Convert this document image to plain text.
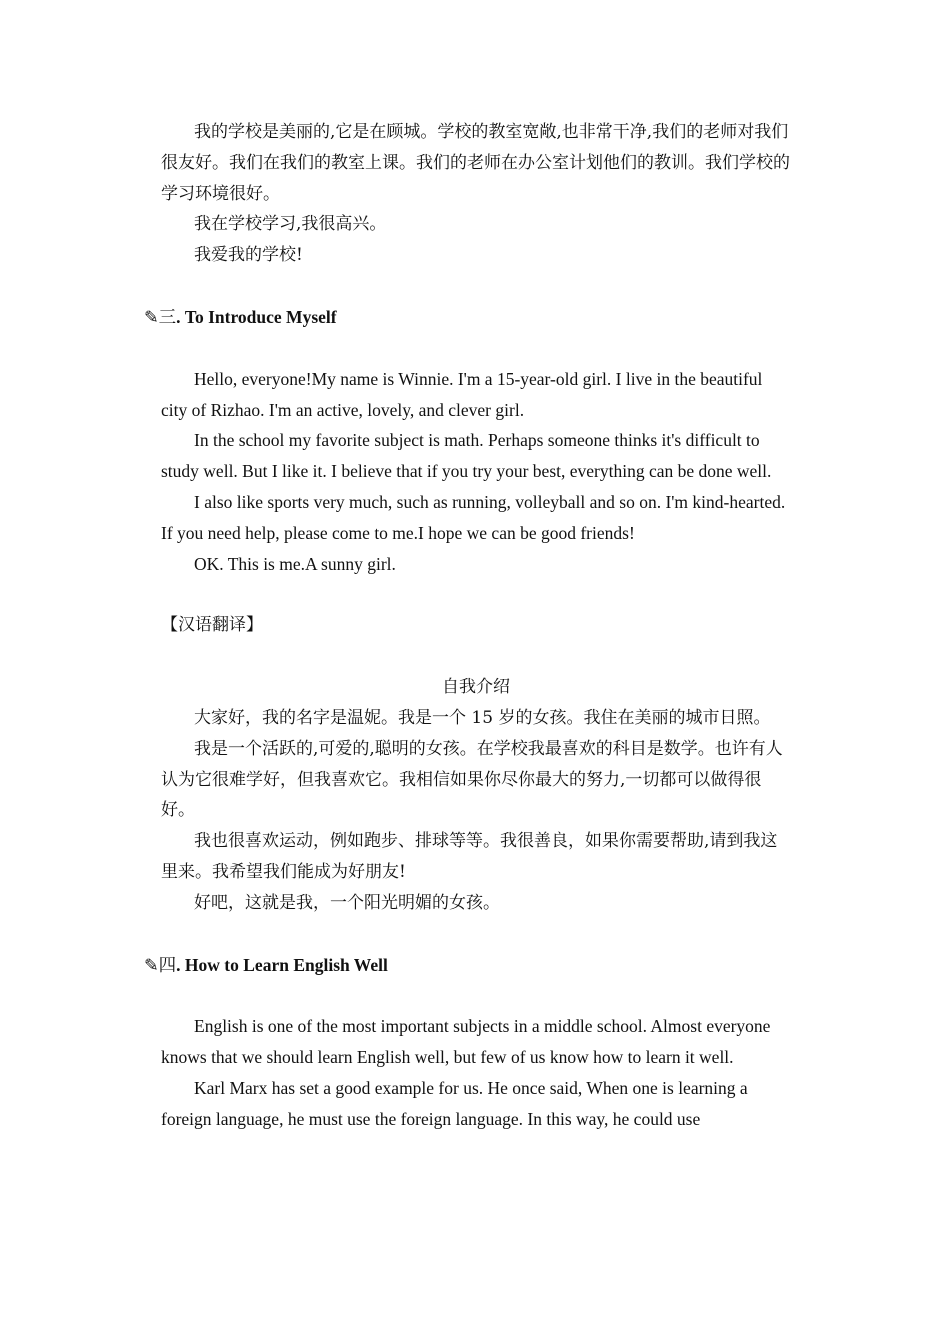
我的学校是美丽的,它是在顾城。学校的教室宽敞,也非常干净,我们的老师对我们很友好。我们在我们的教室上课。我们的老师在办公室计划他们的教训。我们学校的学习环境很好。

我在学校学习,我很高兴。

我爱我的学校!

✎三. To Introduce Myself

Hello, everyone!My name is Winnie. I'm a 15-year-old girl. I live in the beautiful city of Rizhao. I'm an active, lovely, and clever girl.

In the school my favorite subject is math. Perhaps someone thinks it's difficult to study well. But I like it. I believe that if you try your best, everything can be done well.

I also like sports very much, such as running, volleyball and so on. I'm kind-hearted. If you need help, please come to me.I hope we can be good friends!

OK. This is me.A sunny girl.

【汉语翻译】

自我介绍

大家好，我的名字是温妮。我是一个 15 岁的女孩。我住在美丽的城市日照。

我是一个活跃的,可爱的,聪明的女孩。在学校我最喜欢的科目是数学。也许有人认为它很难学好，但我喜欢它。我相信如果你尽你最大的努力,一切都可以做得很好。

我也很喜欢运动，例如跑步、排球等等。我很善良，如果你需要帮助,请到我这里来。我希望我们能成为好朋友!

好吧，这就是我，一个阳光明媚的女孩。

✎四. How to Learn English Well

English is one of the most important subjects in a middle school. Almost everyone knows that we should learn English well, but few of us know how to learn it well.

Karl Marx has set a good example for us. He once said, When one is learning a foreign language, he must use the foreign language. In this way, he could use
